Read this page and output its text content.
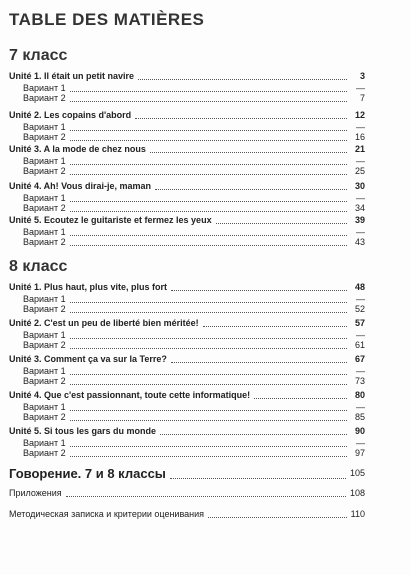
TABLE DES MATIÈRES
7 класс
Unité 1. Il était un petit navire	3
Вариант 1	—
Вариант 2	7
Unité 2. Les copains d'abord	12
Вариант 1	—
Вариант 2	16
Unité 3. A la mode de chez nous	21
Вариант 1	—
Вариант 2	25
Unité 4. Ah! Vous dirai-je, maman	30
Вариант 1	—
Вариант 2	34
Unité 5. Ecoutez le guitariste et fermez les yeux	39
Вариант 1	—
Вариант 2	43
8 класс
Unité 1. Plus haut, plus vite, plus fort	48
Вариант 1	—
Вариант 2	52
Unité 2. C'est un peu de liberté bien méritée!	57
Вариант 1	—
Вариант 2	61
Unité 3. Comment ça va sur la Terre?	67
Вариант 1	—
Вариант 2	73
Unité 4. Que c'est passionnant, toute cette informatique!	80
Вариант 1	—
Вариант 2	85
Unité 5. Si tous les gars du monde	90
Вариант 1	—
Вариант 2	97
Говорение. 7 и 8 классы	105
Приложения	108
Методическая записка и критерии оценивания	110
